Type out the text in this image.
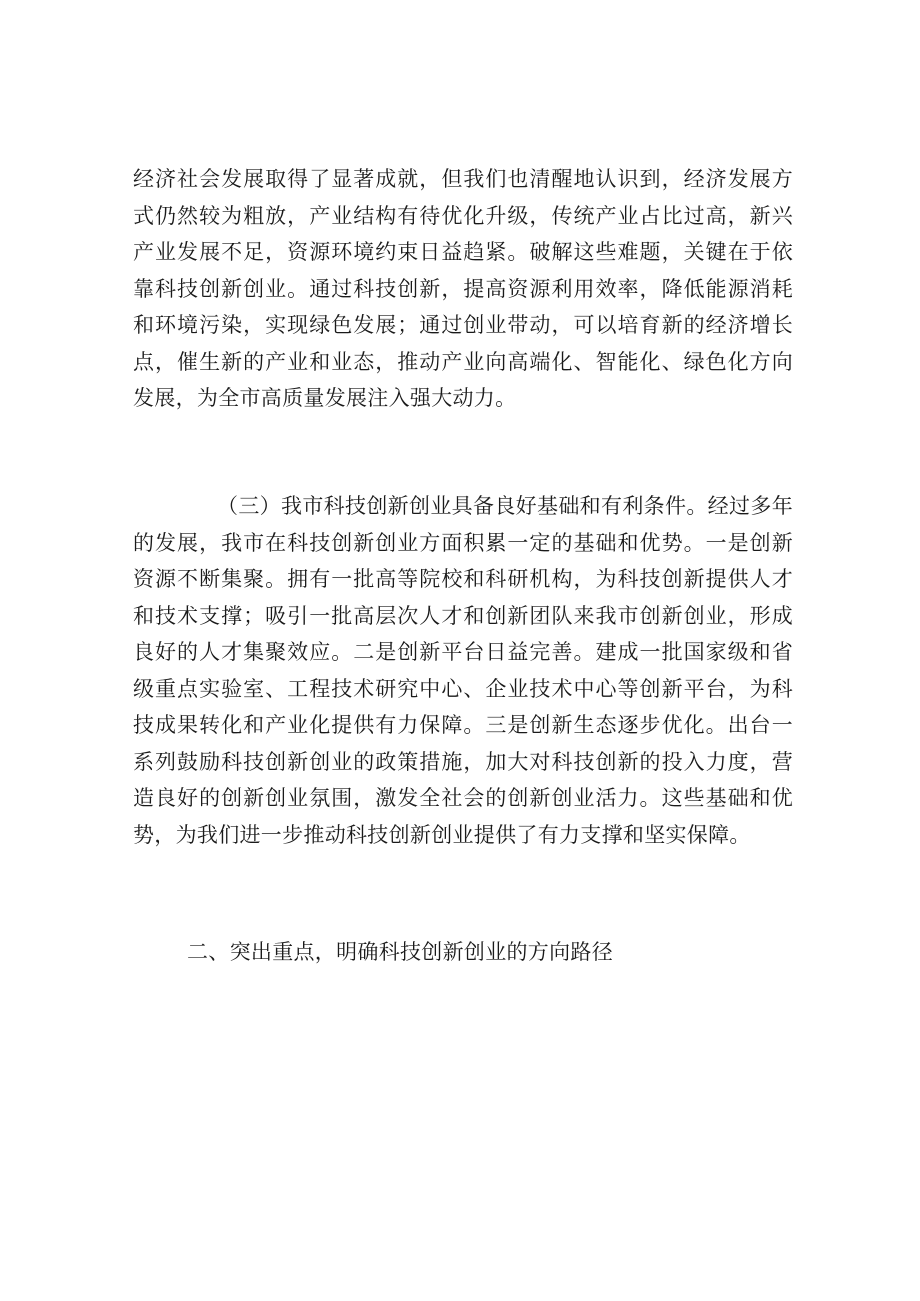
经济社会发展取得了显著成就，但我们也清醒地认识到，经济发展方式仍然较为粗放，产业结构有待优化升级，传统产业占比过高，新兴产业发展不足，资源环境约束日益趋紧。破解这些难题，关键在于依靠科技创新创业。通过科技创新，提高资源利用效率，降低能源消耗和环境污染，实现绿色发展；通过创业带动，可以培育新的经济增长点，催生新的产业和业态，推动产业向高端化、智能化、绿色化方向发展，为全市高质量发展注入强大动力。

（三）我市科技创新创业具备良好基础和有利条件。经过多年的发展，我市在科技创新创业方面积累一定的基础和优势。一是创新资源不断集聚。拥有一批高等院校和科研机构，为科技创新提供人才和技术支撑；吸引一批高层次人才和创新团队来我市创新创业，形成良好的人才集聚效应。二是创新平台日益完善。建成一批国家级和省级重点实验室、工程技术研究中心、企业技术中心等创新平台，为科技成果转化和产业化提供有力保障。三是创新生态逐步优化。出台一系列鼓励科技创新创业的政策措施，加大对科技创新的投入力度，营造良好的创新创业氛围，激发全社会的创新创业活力。这些基础和优势，为我们进一步推动科技创新创业提供了有力支撑和坚实保障。

二、突出重点，明确科技创新创业的方向路径
